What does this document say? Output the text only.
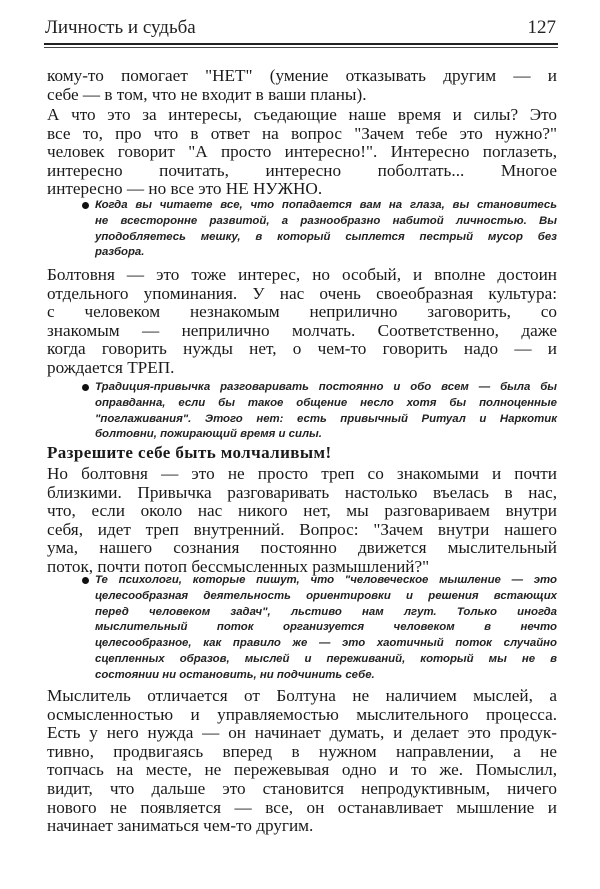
Личность и судьба	127
кому-то помогает "НЕТ" (умение отказывать другим — и
себе — в том, что не входит в ваши планы).
А что это за интересы, съедающие наше время и силы? Это
все то, про что в ответ на вопрос "Зачем тебе это нужно?"
человек говорит "А просто интересно!". Интересно поглазеть,
интересно почитать, интересно поболтать... Многое
интересно — но все это НЕ НУЖНО.
Когда вы читаете все, что попадается вам на глаза, вы становитесь
не всесторонне развитой, а разнообразно набитой личностью. Вы
уподобляетесь мешку, в который сыплется пестрый мусор без
разбора.
Болтовня — это тоже интерес, но особый, и вполне достоин
отдельного упоминания. У нас очень своеобразная культура:
с человеком незнакомым неприлично заговорить, со
знакомым — неприлично молчать. Соответственно, даже
когда говорить нужды нет, о чем-то говорить надо — и
рождается ТРЕП.
Традиция-привычка разговаривать постоянно и обо всем — была бы
оправданна, если бы такое общение несло хотя бы полноценные
"поглаживания". Этого нет: есть привычный Ритуал и Наркотик
болтовни, пожирающий время и силы.
Разрешите себе быть молчаливым!
Но болтовня — это не просто треп со знакомыми и почти
близкими. Привычка разговаривать настолько въелась в нас,
что, если около нас никого нет, мы разговариваем внутри
себя, идет треп внутренний. Вопрос: "Зачем внутри нашего
ума, нашего сознания постоянно движется мыслительный
поток, почти потоп бессмысленных размышлений?"
Те психологи, которые пишут, что "человеческое мышление — это
целесообразная деятельность ориентировки и решения встающих
перед человеком задач", льстиво нам лгут. Только иногда
мыслительный поток организуется человеком в нечто
целесообразное, как правило же — это хаотичный поток случайно
сцепленных образов, мыслей и переживаний, который мы не в
состоянии ни остановить, ни подчинить себе.
Мыслитель отличается от Болтуна не наличием мыслей, а
осмысленностью и управляемостью мыслительного процесса.
Есть у него нужда — он начинает думать, и делает это продук-
тивно, продвигаясь вперед в нужном направлении, а не
топчась на месте, не пережевывая одно и то же. Помыслил,
видит, что дальше это становится непродуктивным, ничего
нового не появляется — все, он останавливает мышление и
начинает заниматься чем-то другим.
